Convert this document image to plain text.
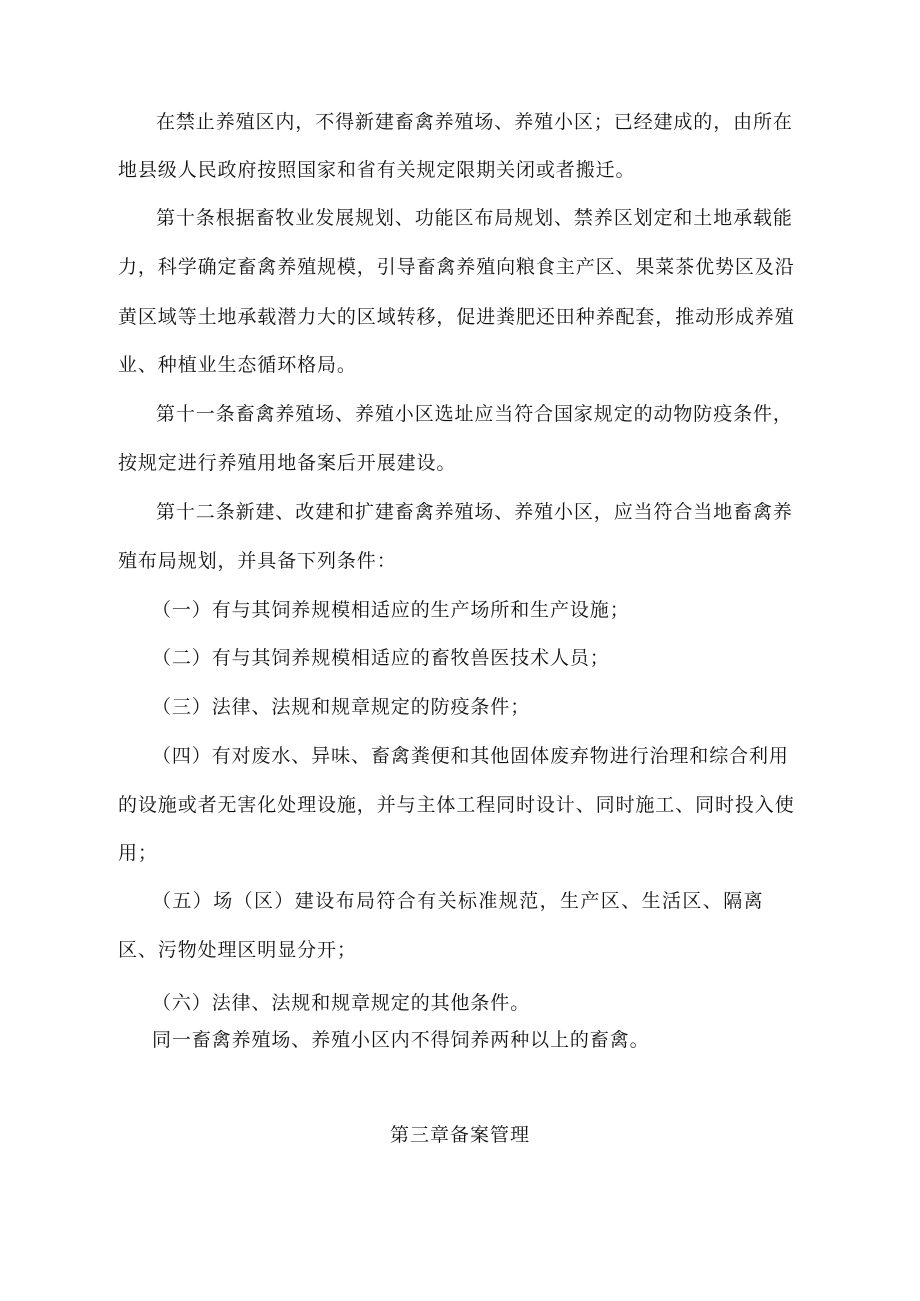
在禁止养殖区内，不得新建畜禽养殖场、养殖小区；已经建成的，由所在
地县级人民政府按照国家和省有关规定限期关闭或者搬迁。
第十条根据畜牧业发展规划、功能区布局规划、禁养区划定和土地承载能
力，科学确定畜禽养殖规模，引导畜禽养殖向粮食主产区、果菜茶优势区及沿
黄区域等土地承载潜力大的区域转移，促进粪肥还田种养配套，推动形成养殖
业、种植业生态循环格局。
第十一条畜禽养殖场、养殖小区选址应当符合国家规定的动物防疫条件，
按规定进行养殖用地备案后开展建设。
第十二条新建、改建和扩建畜禽养殖场、养殖小区，应当符合当地畜禽养
殖布局规划，并具备下列条件：
（一）有与其饲养规模相适应的生产场所和生产设施；
（二）有与其饲养规模相适应的畜牧兽医技术人员；
（三）法律、法规和规章规定的防疫条件；
（四）有对废水、异味、畜禽粪便和其他固体废弃物进行治理和综合利用
的设施或者无害化处理设施，并与主体工程同时设计、同时施工、同时投入使
用；
（五）场（区）建设布局符合有关标准规范，生产区、生活区、隔离
区、污物处理区明显分开；
（六）法律、法规和规章规定的其他条件。
同一畜禽养殖场、养殖小区内不得饲养两种以上的畜禽。
第三章备案管理
